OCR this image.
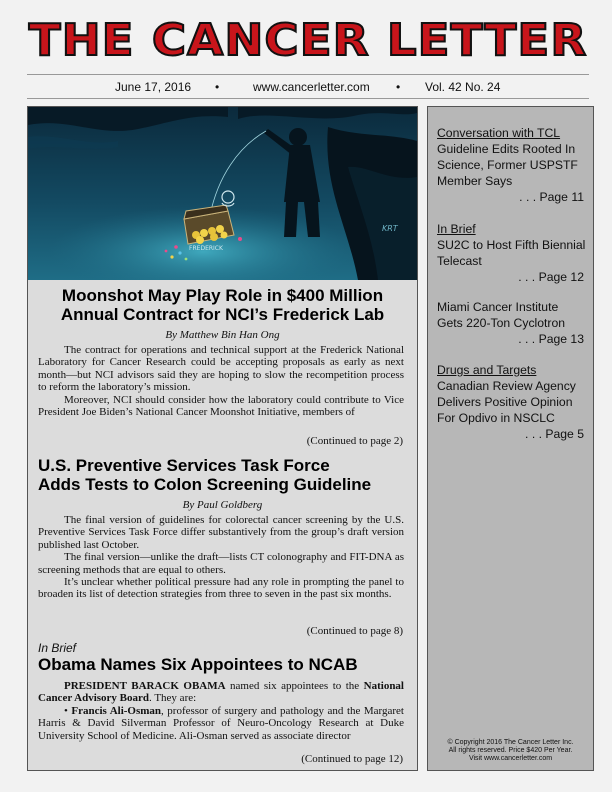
THE CANCER LETTER
June 17, 2016 •	www.cancerletter.com • Vol. 42 No. 24
FREDERICK
KRT
Moonshot May Play Role in $400 Million
Annual Contract for NCI’s Frederick Lab
By Matthew Bin Han Ong

The contract for operations and technical support at the Frederick National Laboratory for Cancer Research could be accepting proposals as early as next month—but NCI advisors said they are hoping to slow the recompetition process to reform the laboratory’s mission.

Moreover, NCI should consider how the laboratory could contribute to Vice President Joe Biden’s National Cancer Moonshot Initiative, members of

(Continued to page 2)
U.S. Preventive Services Task Force
Adds Tests to Colon Screening Guideline
By Paul Goldberg

The final version of guidelines for colorectal cancer screening by the U.S. Preventive Services Task Force differ substantively from the group’s draft version published last October.

The final version—unlike the draft—lists CT colonography and FIT-DNA as screening methods that are equal to others.

It’s unclear whether political pressure had any role in prompting the panel to broaden its list of detection strategies from three to seven in the past six months.

(Continued to page 8)
In Brief
Obama Names Six Appointees to NCAB

PRESIDENT BARACK OBAMA named six appointees to the National Cancer Advisory Board. They are:

• Francis Ali-Osman, professor of surgery and pathology and the Margaret Harris & David Silverman Professor of Neuro-Oncology Research at Duke University School of Medicine. Ali-Osman served as associate director

(Continued to page 12)
Conversation with TCL
Guideline Edits Rooted In Science, Former USPSTF Member Says
. . . Page 11
In Brief
SU2C to Host Fifth Biennial Telecast
. . . Page 12
Miami Cancer Institute Gets 220-Ton Cyclotron
. . . Page 13
Drugs and Targets
Canadian Review Agency Delivers Positive Opinion For Opdivo in NSCLC
. . . Page 5
© Copyright 2016 The Cancer Letter Inc.
All rights reserved. Price $420 Per Year.
Visit www.cancerletter.com
